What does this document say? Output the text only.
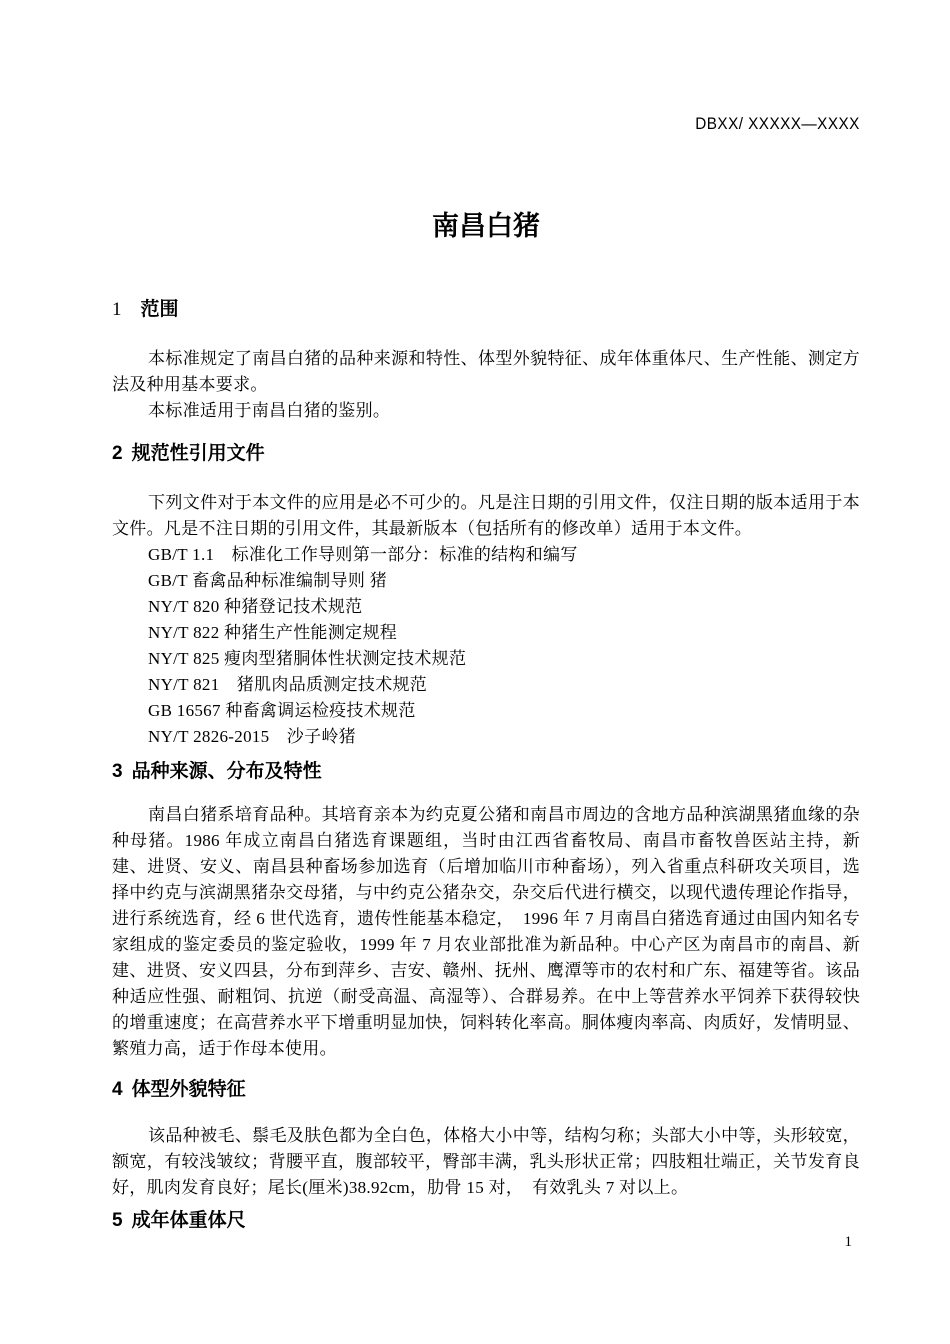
DBXX/ XXXXX—XXXX
南昌白猪
1 范围

本标准规定了南昌白猪的品种来源和特性、体型外貌特征、成年体重体尺、生产性能、测定方法及种用基本要求。

本标准适用于南昌白猪的鉴别。

2 规范性引用文件

下列文件对于本文件的应用是必不可少的。凡是注日期的引用文件，仅注日期的版本适用于本文件。凡是不注日期的引用文件，其最新版本（包括所有的修改单）适用于本文件。

GB/T 1.1　标准化工作导则第一部分：标准的结构和编写
GB/T 畜禽品种标准编制导则 猪
NY/T 820 种猪登记技术规范
NY/T 822 种猪生产性能测定规程
NY/T 825 瘦肉型猪胴体性状测定技术规范
NY/T 821　猪肌肉品质测定技术规范
GB 16567 种畜禽调运检疫技术规范
NY/T 2826-2015　沙子岭猪
3 品种来源、分布及特性

南昌白猪系培育品种。其培育亲本为约克夏公猪和南昌市周边的含地方品种滨湖黑猪血缘的杂种母猪。1986 年成立南昌白猪选育课题组，当时由江西省畜牧局、南昌市畜牧兽医站主持，新建、进贤、安义、南昌县种畜场参加选育（后增加临川市种畜场），列入省重点科研攻关项目，选择中约克与滨湖黑猪杂交母猪，与中约克公猪杂交，杂交后代进行横交，以现代遗传理论作指导，进行系统选育，经 6 世代选育，遗传性能基本稳定，　1996 年 7 月南昌白猪选育通过由国内知名专家组成的鉴定委员的鉴定验收，1999 年 7 月农业部批准为新品种。中心产区为南昌市的南昌、新建、进贤、安义四县，分布到萍乡、吉安、赣州、抚州、鹰潭等市的农村和广东、福建等省。该品种适应性强、耐粗饲、抗逆（耐受高温、高湿等）、合群易养。在中上等营养水平饲养下获得较快的增重速度；在高营养水平下增重明显加快，饲料转化率高。胴体瘦肉率高、肉质好，发情明显、繁殖力高，适于作母本使用。

4 体型外貌特征

该品种被毛、鬃毛及肤色都为全白色，体格大小中等，结构匀称；头部大小中等，头形较宽，额宽，有较浅皱纹；背腰平直，腹部较平，臀部丰满，乳头形状正常；四肢粗壮端正，关节发育良好，肌肉发育良好；尾长(厘米)38.92cm，肋骨 15 对，　有效乳头 7 对以上。

5 成年体重体尺
1
